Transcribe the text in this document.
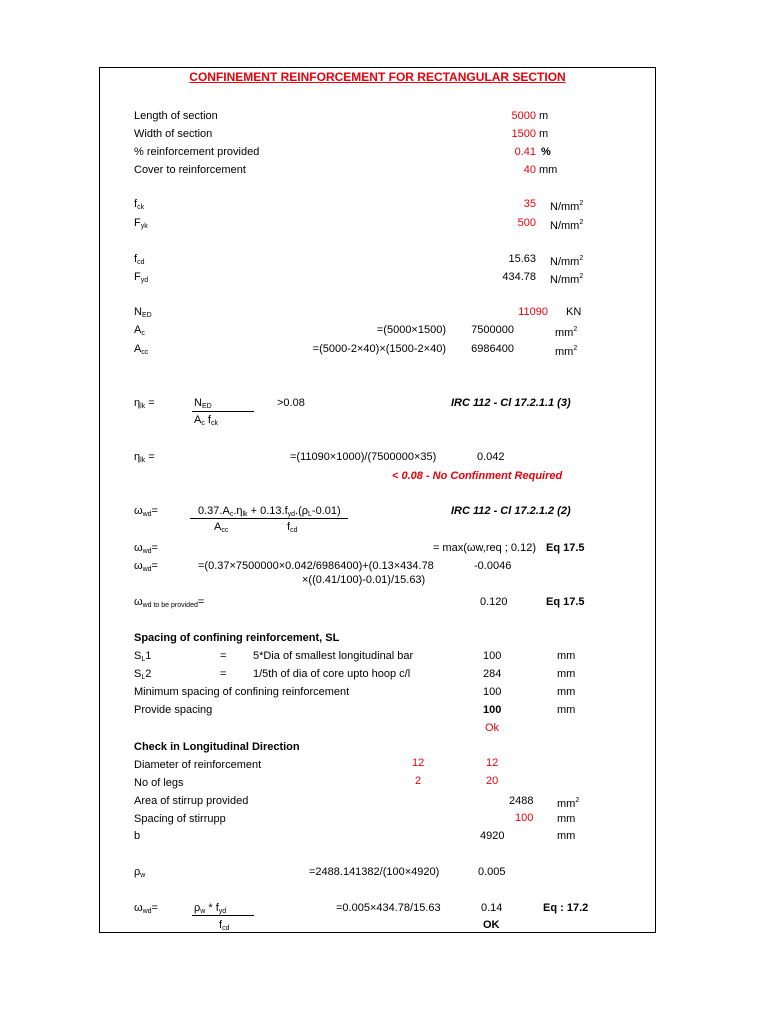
CONFINEMENT REINFORCEMENT FOR RECTANGULAR SECTION
Length of section	5000 m
Width of section	1500 m
% reinforcement provided	0.41 %
Cover to reinforcement	40 mm
$f_{ck}$	35 $N/mm^2$
$F_{yk}$	500 $N/mm^2$
$f_{cd}$	15.63 $N/mm^2$
$F_{yd}$	434.78 $N/mm^2$
$N_{ED}$	11090 KN
$A_c$	=(5000×1500)	7500000	$mm^2$
$A_{cc}$	=(5000-2×40)×(1500-2×40)	6986400	$mm^2$
$\eta_{lk}$ =	$N_{ED}$
$A_c$ $f_{ck}$
>0.08	IRC 112 - Cl 17.2.1.1 (3)
$\eta_{lk}$ =	=(11090×1000)/(7500000×35)	0.042
< 0.08 - No Confinment Required
$\omega_{wd}=$	$0.37.A_c.\eta_{lk} + 0.13.f_{yd}.(\rho_L-0.01)$
$A_{cc}$	$f_{cd}$
IRC 112 - Cl 17.2.1.2 (2)
$\omega_{wd}=$	= max(ωw,req ; 0.12) Eq 17.5
$\omega_{wd}=$	=(0.37×7500000×0.042/6986400)+(0.13×434.78
×((0.41/100)-0.01)/15.63)
-0.0046
$\omega_{wd to be provided}=$	0.120	Eq 17.5
Spacing of confining reinforcement, SL
$S_L1$	= 5*Dia of smallest longitudinal bar	100	mm
$S_L2$	= 1/5th of dia of core upto hoop c/l	284	mm
Minimum spacing of confining reinforcement	100	mm
Provide spacing	100	mm
Ok
Check in Longitudinal Direction
Diameter of reinforcement	12	12
No of legs	2	20
Area of stirrup provided	2488 $mm^2$
Spacing of stirrupp	100 mm
b	4920	mm
$\rho_w$	=2488.141382/(100×4920)	0.005
$\omega_{wd}=$	$\rho_w * f_{yd}$
$f_{cd}$
=0.005×434.78/15.63	0.14	Eq : 17.2
OK
